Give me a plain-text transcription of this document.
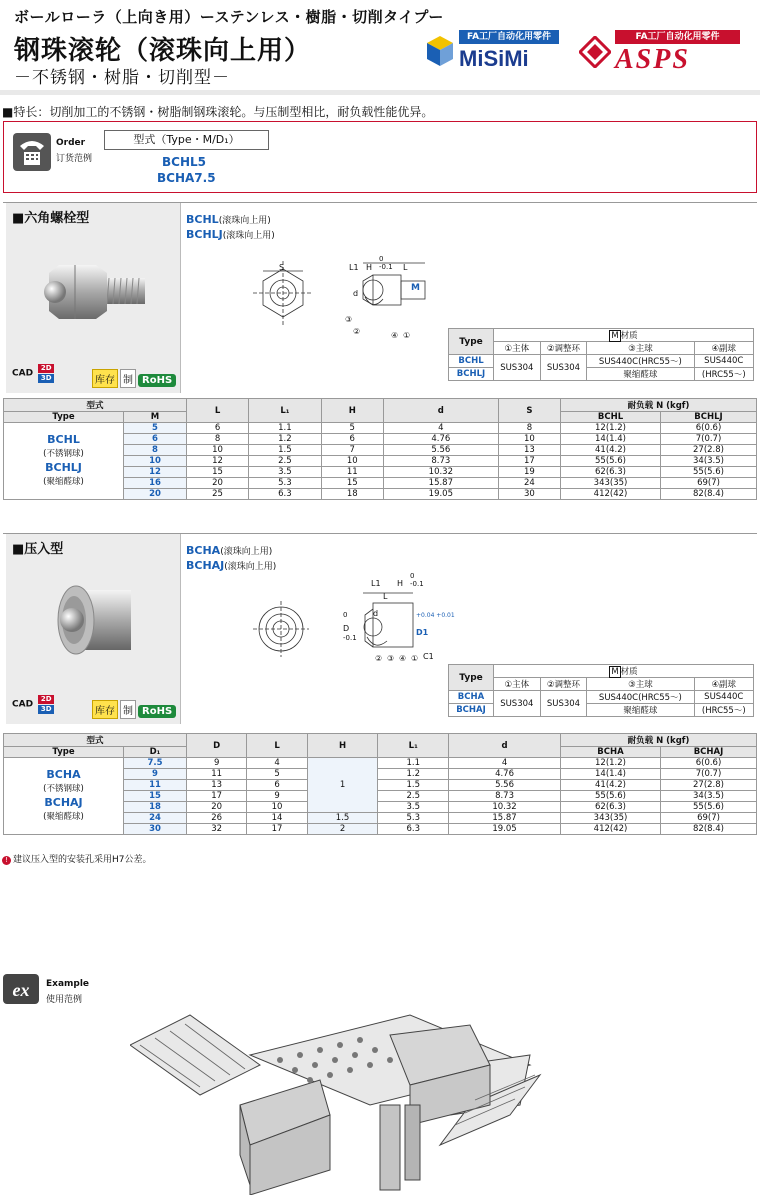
ボールローラ（上向き用）ーステンレス・樹脂・切削タイプー
钢珠滚轮（滚珠向上用）
－不锈钢・树脂・切削型－
FA工厂自动化用零件
MiSiMi
FA工厂自动化用零件
ASPS
■特长：切削加工的不锈钢・树脂制钢珠滚轮。与压制型相比，耐负载性能优异。
Order
订货范例
型式（Type・M/D₁）
BCHL5
BCHA7.5
■六角螺栓型
CAD 2D
3D	库存 制 RoHS
BCHL(滚珠向上用)
BCHLJ(滚珠向上用)
S	L1 H
0
-0.1 L
M
d
③
②	④ ①
Type	M 材质			
	①主体	②调整环	③主球	④副球
BCHL	SUS304	SUS304	SUS440C(HRC55～)	SUS440C
BCHLJ			聚缩醛球	(HRC55～)
型式		L	L₁	H	d	S	耐负载 N (kgf)	
Type	M						BCHL	BCHLJ
BCHL
(不锈钢球)
BCHLJ
(聚缩醛球)	5	6	1.1	5	4	8	12(1.2)	6(0.6)
	6	8	1.2	6	4.76	10	14(1.4)	7(0.7)
	8	10	1.5	7	5.56	13	41(4.2)	27(2.8)
	10	12	2.5	10	8.73	17	55(5.6)	34(3.5)
	12	15	3.5	11	10.32	19	62(6.3)	55(5.6)
	16	20	5.3	15	15.87	24	343(35)	69(7)
	20	25	6.3	18	19.05	30	412(42)	82(8.4)
■压入型
CAD 2D
3D	库存 制 RoHS
BCHA(滚珠向上用)
BCHAJ(滚珠向上用)
L1 H
0
-0.1
L
d
D
0
-0.1
D1
+0.04 +0.01
② ③ ④ ① C1
Type	M 材质			
	①主体	②调整环	③主球	④副球
BCHA	SUS304	SUS304	SUS440C(HRC55～)	SUS440C
BCHAJ			聚缩醛球	(HRC55～)
型式		D	L	H	L₁	d	耐负载 N (kgf)	
Type	D₁						BCHA	BCHAJ
BCHA
(不锈钢球)
BCHAJ
(聚缩醛球)	7.5	9	4	1	1.1	4	12(1.2)	6(0.6)
	9	11	5		1.2	4.76	14(1.4)	7(0.7)
	11	13	6		1.5	5.56	41(4.2)	27(2.8)
	15	17	9		2.5	8.73	55(5.6)	34(3.5)
	18	20	10		3.5	10.32	62(6.3)	55(5.6)
	24	26	14	1.5	5.3	15.87	343(35)	69(7)
	30	32	17	2	6.3	19.05	412(42)	82(8.4)
! 建议压入型的安装孔采用H7公差。
ex Example
使用范例
